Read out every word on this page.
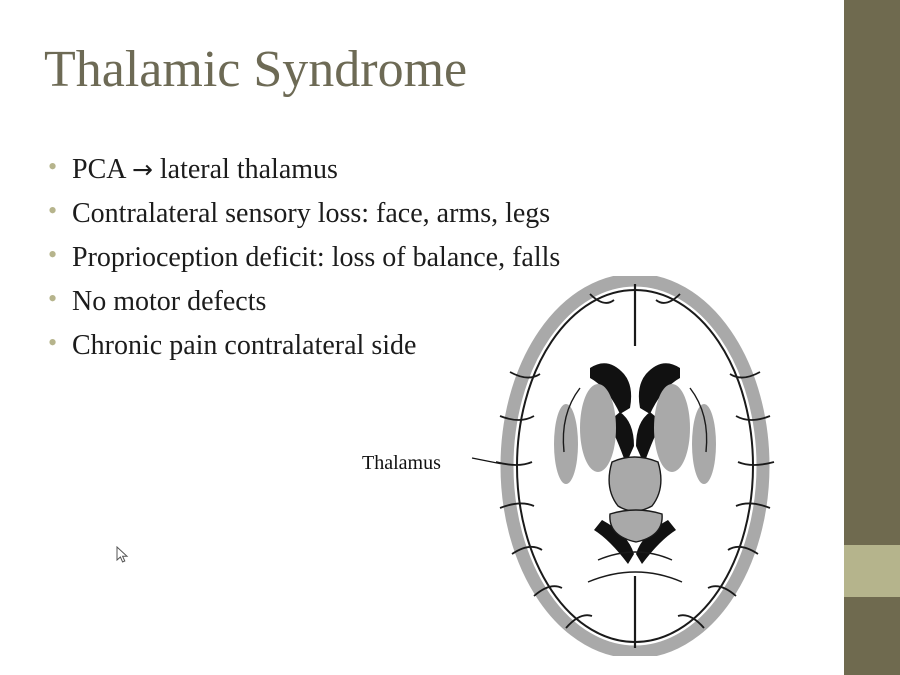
Thalamic Syndrome
• PCA → lateral thalamus
• Contralateral sensory loss: face, arms, legs
• Proprioception deficit: loss of balance, falls
• No motor defects
• Chronic pain contralateral side
Thalamus
